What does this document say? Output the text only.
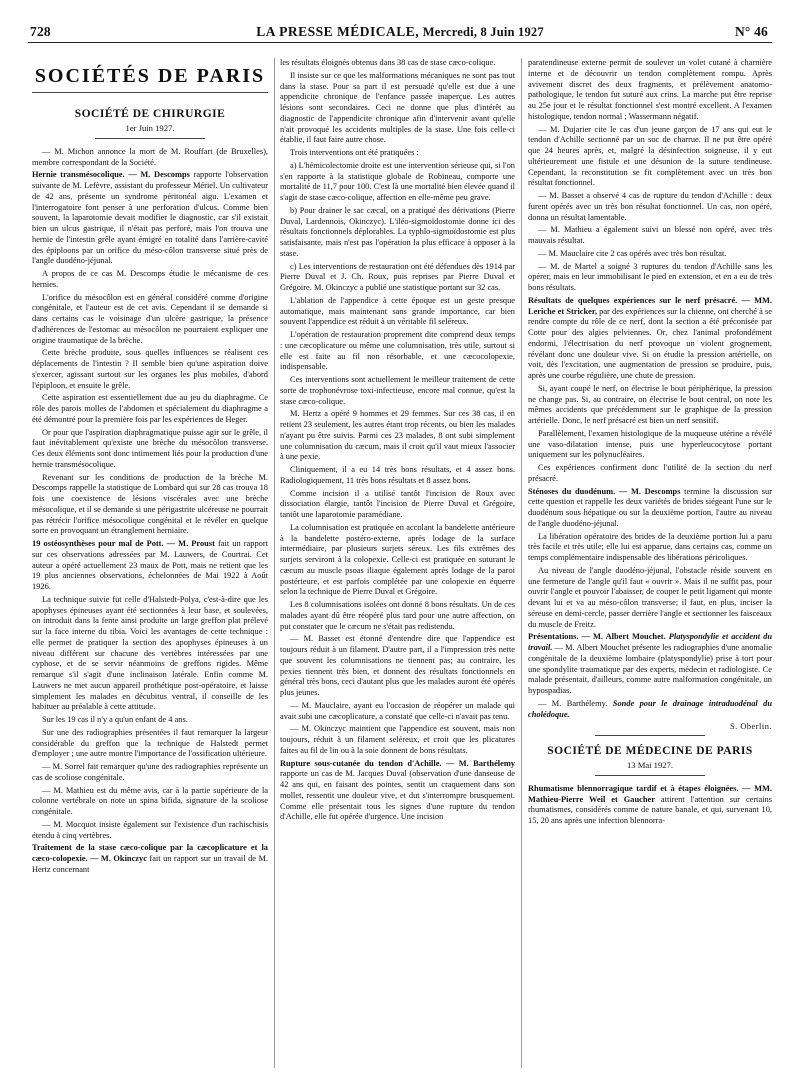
728	LA PRESSE MÉDICALE, Mercredi, 8 Juin 1927	N° 46
SOCIÉTÉS DE PARIS
SOCIÉTÉ DE CHIRURGIE
1er Juin 1927.

— M. Michon annonce la mort de M. Rouffart (de Bruxelles), membre correspondant de la Société.

Hernie transmésocolique. — M. Descomps rapporte l'observation suivante de M. Lefèvre, assistant du professeur Mériel. Un cultivateur de 42 ans, présente un syndrome péritonéal aigu. L'examen et l'interrogatoire font penser à une perforation d'ulcus. Comme bien souvent, la laparotomie devait modifier le diagnostic, car s'il existait bien un ulcus gastrique, il n'était pas perforé, mais l'on trouva une hernie de l'intestin grêle ayant émigré en totalité dans l'arrière-cavité des épiploons par un orifice du méso-côlon transverse situé près de l'angle duodéno-jéjunal.

A propos de ce cas M. Descomps étudie le mécanisme de ces hernies.

L'orifice du mésocôlon est en général considéré comme d'origine congénitale, et l'auteur est de cet avis. Cependant il se demande si dans certains cas le voisinage d'un ulcère gastrique, la présence d'adhérences de l'estomac au mésocôlon ne pourraient expliquer une origine traumatique de la brèche.

Cette brèche produite, sous quelles influences se réalisent ces déplacements de l'intestin ? Il semble bien qu'une aspiration doive s'exercer, agissant surtout sur les organes les plus mobiles, d'abord l'épiploon, et ensuite le grêle.

Cette aspiration est essentiellement due au jeu du diaphragme. Ce rôle des parois molles de l'abdomen et spécialement du diaphragme a été démontré pour la première fois par les expériences de Heger.

Or pour que l'aspiration diaphragmatique puisse agir sur le grêle, il faut inévitablement qu'existe une brèche du mésocôlon transverse. Ces deux éléments sont donc intimement liés pour la production d'une hernie transmésocolique.

Revenant sur les conditions de production de la brèche M. Descomps rappelle la statistique de Lombard qui sur 28 cas trouva 18 fois une coexistence de lésions viscérales avec une brèche mésocolique, et il se demande si une périgastrite ulcéreuse ne pourrait pas rétrécir l'orifice mésocolique congénital et le révéler en quelque sorte en provoquant un étranglement herniaire.

19 ostéosynthèses pour mal de Pott. — M. Proust fait un rapport sur ces observations adressées par M. Lauwers, de Courtrai. Cet auteur a opéré actuellement 23 maux de Pott, mais ne retient que les 19 plus anciennes observations, échelonnées de Mai 1922 à Août 1926.

La technique suivie fut celle d'Halstedt-Polya, c'est-à-dire que les apophyses épineuses ayant été sectionnées à leur base, et soulevées, on introduit dans la fente ainsi produite un large greffon plat prélevé sur la face interne du tibia. Voici les avantages de cette technique : elle permet de pratiquer la section des apophyses épineuses à un niveau différent sur chacune des vertèbres intéressées par une cyphose, et de se servir néanmoins de greffons rigides. Même remarque s'il s'agit d'une inclinaison latérale. Enfin comme M. Lauwers ne met aucun appareil prothétique post-opératoire, et laisse simplement les malades en décubitus ventral, il conseille de les habituer au préalable à cette attitude.

Sur les 19 cas il n'y a qu'un enfant de 4 ans.

Sur une des radiographies présentées il faut remarquer la largeur considérable du greffon que la technique de Halstedt permet d'employer ; une autre montre l'importance de l'ossification ultérieure.

— M. Sorrel fait remarquer qu'une des radiographies représente un cas de scoliose congénitale.

— M. Mathieu est du même avis, car à la partie supérieure de la colonne vertébrale on note un spina bifida, signature de la scoliose congénitale.

— M. Mocquot insiste également sur l'existence d'un rachischisis étendu à cinq vertèbres.

Traitement de la stase cæco-colique par la cæcoplicature et la cæco-colopexie. — M. Okinczyc fait un rapport sur un travail de M. Hertz concernant

les résultats éloignés obtenus dans 38 cas de stase cæco-colique.

Il insiste sur ce que les malformations mécaniques ne sont pas tout dans la stase. Pour sa part il est persuadé qu'elle est due à une appendicite chronique de l'enfance passée inaperçue. Les autres lésions sont secondaires. Ceci ne donne que plus d'intérêt au diagnostic de l'appendicite chronique afin d'intervenir avant qu'elle n'ait provoqué les accidents multiples de la stase. Une fois celle-ci établie, il faut faire autre chose.

Trois interventions ont été pratiquées :

a) L'hémicolectomie droite est une intervention sérieuse qui, si l'on s'en rapporte à la statistique globale de Robineau, comporte une mortalité de 11,7 pour 100. C'est là une mortalité bien élevée quand il s'agit de stase cæco-colique, affection en elle-même peu grave.

b) Pour drainer le sac cæcal, on a pratiqué des dérivations (Pierre Duval, Lardennois, Okinczyc). L'iléo-sigmoïdostomie donne ici des résultats fonctionnels déplorables. La typhlo-sigmoïdostomie est plus satisfaisante, mais n'est pas l'opération la plus efficace à opposer à la stase.

c) Les interventions de restauration ont été défendues dès 1914 par Pierre Duval et J. Ch. Roux, puis reprises par Pierre Duval et Grégoire. M. Okinczyc a publié une statistique portant sur 32 cas.

L'ablation de l'appendice à cette époque est un geste presque automatique, mais maintenant sans grande importance, car bien souvent l'appendice est réduit à un véritable fil seléreux.

L'opération de restauration proprement dite comprend deux temps : une cæcoplicature ou même une columnisation, très utile, surtout si elle est faite au fil non résorbable, et une cæcocolopexie, indispensable.

Ces interventions sont actuellement le meilleur traitement de cette sorte de trophonévrose toxi-infectieuse, encore mal connue, qu'est la stase cæco-colique.

M. Hertz a opéré 9 hommes et 29 femmes. Sur ces 38 cas, il en retient 23 seulement, les autres étant trop récents, ou bien les malades n'ayant pu être suivis. Parmi ces 23 malades, 8 ont subi simplement une columnisation du cæcum, mais il croit qu'il vaut mieux l'associer à une pexie.

Cliniquement, il a eu 14 très bons résultats, et 4 assez bons. Radiologiquement, 11 très bons résultats et 8 assez bons.

Comme incision il a utilisé tantôt l'incision de Roux avec dissociation élargie, tantôt l'incision de Pierre Duval et Grégoire, tantôt une laparotomie paramédiane.

La columnisation est pratiquée en accolant la bandelette antérieure à la bandelette postéro-externe, après lodage de la surface intermédiaire, par plusieurs surjets séreux. Les fils extrêmes des surjets serviront à la colopexie. Celle-ci est pratiquée en suturant le cæcum au muscle psoas iliaque également après lodage de la paroi postérieure, et est parfois complétée par une colopexie en équerre selon la technique de Pierre Duval et Grégoire.

Les 8 columnisations isolées ont donné 8 bons résultats. Un de ces malades ayant dû être réopéré plus tard pour une autre affection, on put constater que le cæcum ne s'était pas redistendu.

— M. Basset est étonné d'entendre dire que l'appendice est toujours réduit à un filament. D'autre part, il a l'impression très nette que souvent les columnisations ne tiennent pas; au contraire, les pexies tiennent très bien, et donnent des résultats fonctionnels en général très bons, ceci d'autant plus que les malades auront été opérés plus jeunes.

— M. Mauclaire, ayant eu l'occasion de réopérer un malade qui avait subi une cæcoplicature, a constaté que celle-ci n'avait pas tenu.

— M. Okinczyc maintient que l'appendice est souvent, mais non toujours, réduit à un filament seléreux, et croit que les plicatures faites au fil de lin ou à la soie donnent de bons résultats.

Rupture sous-cutanée du tendon d'Achille. — M. Barthélemy rapporte un cas de M. Jacques Duval (observation d'une danseuse de 42 ans qui, en faisant des pointes, sentit un craquement dans son mollet, ressentit une douleur vive, et dut s'interrompre brusquement. Comme elle présentait tous les signes d'une rupture du tendon d'Achille, elle fut opérée d'urgence. Une incision

paratendineuse externe permit de soulever un volet cutané à charnière interne et de découvrir un tendon complètement rompu. Après avivement discret des deux fragments, et prélèvement anatomo-pathologique, le tendon fut suturé aux crins. La marche put être reprise au 25e jour et le résultat fonctionnel s'est montré excellent. A l'examen histologique, tendon normal ; Wassermann négatif.

— M. Dujarier cite le cas d'un jeune garçon de 17 ans qui eut le tendon d'Achille sectionné par un soc de charrue. Il ne put être opéré que 24 heures après, et, malgré la désinfection soigneuse, il y eut ultérieurement une fistule et une désunion de la suture tendineuse. Cependant, la reconstitution se fit complètement avec un très bon résultat fonctionnel.

— M. Basset a observé 4 cas de rupture du tendon d'Achille : deux furent opérés avec un très bon résultat fonctionnel. Un cas, non opéré, donna un résultat lamentable.

— M. Mathieu a également suivi un blessé non opéré, avec très mauvais résultat.

— M. Mauclaire cite 2 cas opérés avec très bon résultat.

— M. de Martel a soigné 3 ruptures du tendon d'Achille sans les opérer, mais en leur immobilisant le pied en extension, et en a eu de très bons résultats.

Résultats de quelques expériences sur le nerf présacré. — MM. Leriche et Stricker, par des expériences sur la chienne, ont cherché à se rendre compte du rôle de ce nerf, dont la section a été préconisée par Cotte pour des algies pelviennes. Or, chez l'animal profondément endormi, l'électrisation du nerf provoque un violent grognement, révélant donc une douleur vive. Si on étudie la pression artérielle, on voit, dès l'excitation, une augmentation de pression se produire, puis, après une courbe régulière, une chute de pression.

Si, ayant coupé le nerf, on électrise le bout périphérique, la pression ne change pas. Si, au contraire, on électrise le bout central, on note les mêmes accidents que précédemment sur le graphique de la pression artérielle. Donc, le nerf présacré est bien un nerf sensitif.

Parallèlement, l'examen histologique de la muqueuse utérine a révélé une vaso-dilatation intense, puis une hyperleucocytose portant uniquement sur les polynucléaires.

Ces expériences confirment donc l'utilité de la section du nerf présacré.

Sténoses du duodénum. — M. Descomps termine la discussion sur cette question et rappelle les deux variétés de brides siégeant l'une sur le duodénum sous hépatique ou sur la deuxième portion, l'autre au niveau de l'angle duodéno-jéjunal.

La libération opératoire des brides de la deuxième portion lui a paru très facile et très utile; elle lui est apparue, dans certains cas, comme un temps complémentaire indispensable des libérations péricoliques.

Au niveau de l'angle duodéno-jéjunal, l'obstacle réside souvent en une fermeture de l'angle qu'il faut « ouvrir ». Mais il ne suffit pas, pour ouvrir l'angle et pouvoir l'abaisser, de couper le petit ligament qui monte devant lui et va au méso-côlon transverse; il faut, en plus, inciser la séreuse en demi-cercle, passer derrière l'angle et sectionner les faisceaux du muscle de Freitz.

Présentations. — M. Albert Mouchet. Platyspondylie et accident du travail. — M. Albert Mouchet présente les radiographies d'une anomalie congénitale de la deuxième lombaire (platyspondylie) prise à tort pour une spondylite traumatique par des experts, médecin et radiologiste. Ce malade présentait, d'ailleurs, comme autre malformation congénitale, un hypospadias.

— M. Barthélemy. Sonde pour le drainage intraduodénal du cholédoque.

S. Oberlin.

SOCIÉTÉ DE MÉDECINE DE PARIS
13 Mai 1927.

Rhumatisme blennorragique tardif et à étapes éloignées. — MM. Mathieu-Pierre Weil et Gaucher attirent l'attention sur certains rhumatismes, considérés comme de nature banale, et qui, survenant 10, 15, 20 ans après une infection blennorra-
